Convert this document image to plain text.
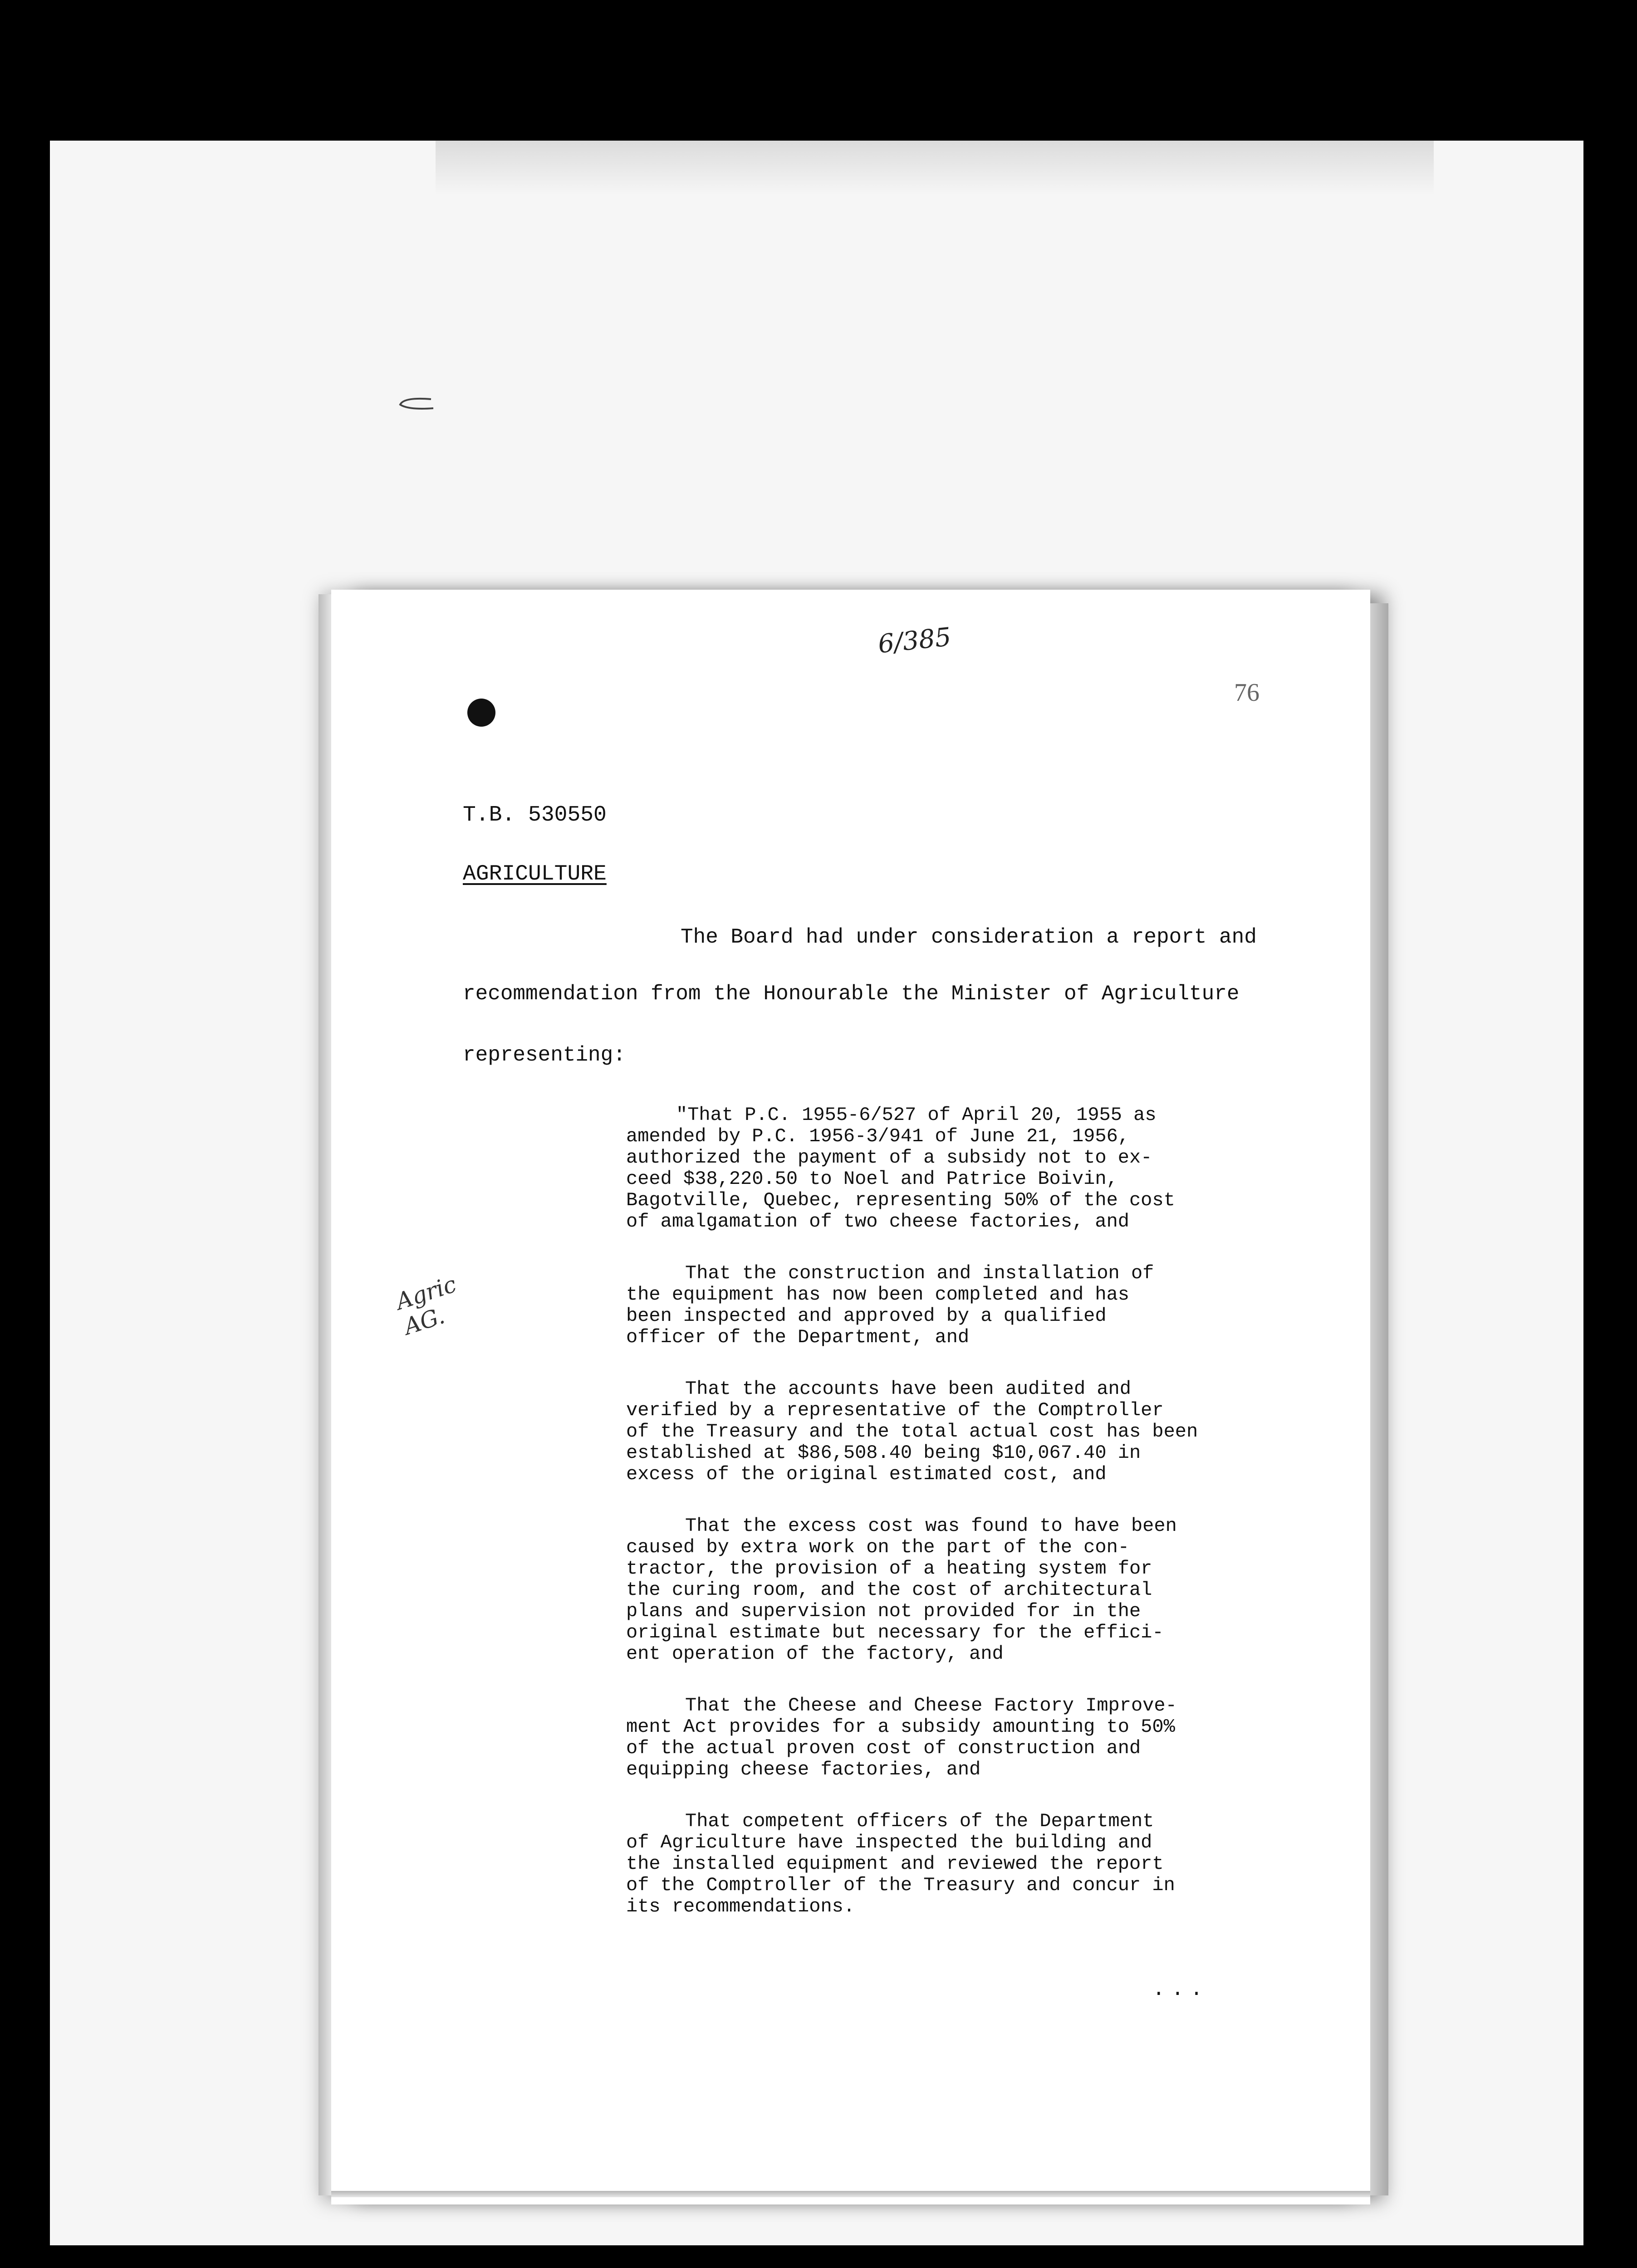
6/385
76
T.B. 530550
AGRICULTURE
The Board had under consideration a report and
recommendation from the Honourable the Minister of Agriculture
representing:

"That P.C. 1955-6/527 of April 20, 1955 as
amended by P.C. 1956-3/941 of June 21, 1956,
authorized the payment of a subsidy not to ex-
ceed $38,220.50 to Noel and Patrice Boivin,
Bagotville, Quebec, representing 50% of the cost
of amalgamation of two cheese factories, and

That the construction and installation of
the equipment has now been completed and has
been inspected and approved by a qualified
officer of the Department, and

That the accounts have been audited and
verified by a representative of the Comptroller
of the Treasury and the total actual cost has been
established at $86,508.40 being $10,067.40 in
excess of the original estimated cost, and

That the excess cost was found to have been
caused by extra work on the part of the con-
tractor, the provision of a heating system for
the curing room, and the cost of architectural
plans and supervision not provided for in the
original estimate but necessary for the effici-
ent operation of the factory, and

That the Cheese and Cheese Factory Improve-
ment Act provides for a subsidy amounting to 50%
of the actual proven cost of construction and
equipping cheese factories, and

That competent officers of the Department
of Agriculture have inspected the building and
the installed equipment and reviewed the report
of the Comptroller of the Treasury and concur in
its recommendations.

Agric
AG.
...
